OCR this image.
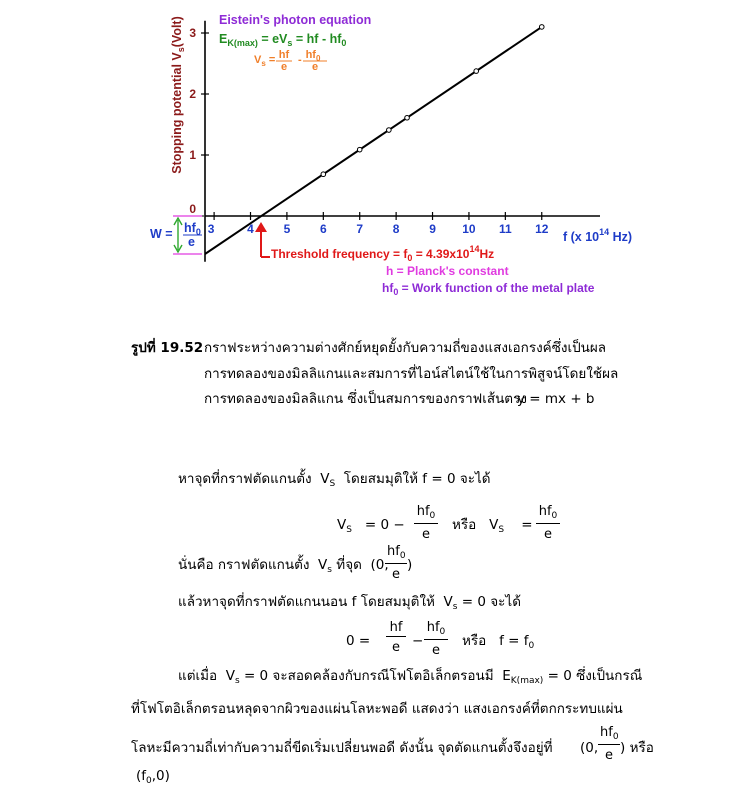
0
1
2
3
3	4 5 6 7 8 9 10 11 12
Stopping potential $V_s(Volt)$	Eistein's photon equation
$E_{K(max)} = eV_s$ = hf - $hf_0$
$V_s$ = hf
e
- $hf_0$
e
f (x $10^{14}$ Hz)
Threshold frequency = $f_0 = 4.39x10^{14}Hz$
h = Planck's constant
$hf_0$ = Work function of the metal plate
$W = hf_0$
e
รูปที่ 19.52 กราฟระหว่างความต่างศักย์หยุดยั้งกับความถี่ของแสงเอกรงค์ซึ่งเป็นผล
การทดลองของมิลลิแกนและสมการที่ไอน์สไตน์ใช้ในการพิสูจน์โดยใช้ผล
การทดลองของมิลลิแกน ซึ่งเป็นสมการของกราฟเส้นตรง
y = mx + b
หาจุดที่กราฟตัดแกนตั้ง $V_S$ โดยสมมุติให้ f = 0 จะได้
$V_S = 0 - \frac{hf_0}{e}$ หรือ $V_S = \frac{hf_0}{e}$
นั่นคือ กราฟตัดแกนตั้ง $V_s$ ที่จุด (0,
$\frac{hf_0}{e}$ )
แล้วหาจุดที่กราฟตัดแกนนอน f โดยสมมุติให้ $V_s = 0$ จะได้
$0 = \frac{hf}{e} - \frac{hf_0}{e}$ หรือ $f = f_0$
แต่เมื่อ $V_s = 0$ จะสอดคล้องกับกรณีโฟโตอิเล็กตรอนมี $E_{K(max)} = 0$ ซึ่งเป็นกรณี
ที่โฟโตอิเล็กตรอนหลุดจากผิวของแผ่นโลหะพอดี แสดงว่า แสงเอกรงค์ที่ตกกระทบแผ่น
โลหะมีความถี่เท่ากับความถี่ขีดเริ่มเปลี่ยนพอดี ดังนั้น จุดตัดแกนตั้งจึงอยู่ที่ (0, $\frac{hf_0}{e}$ ) หรือ
$(f_0,0)$
